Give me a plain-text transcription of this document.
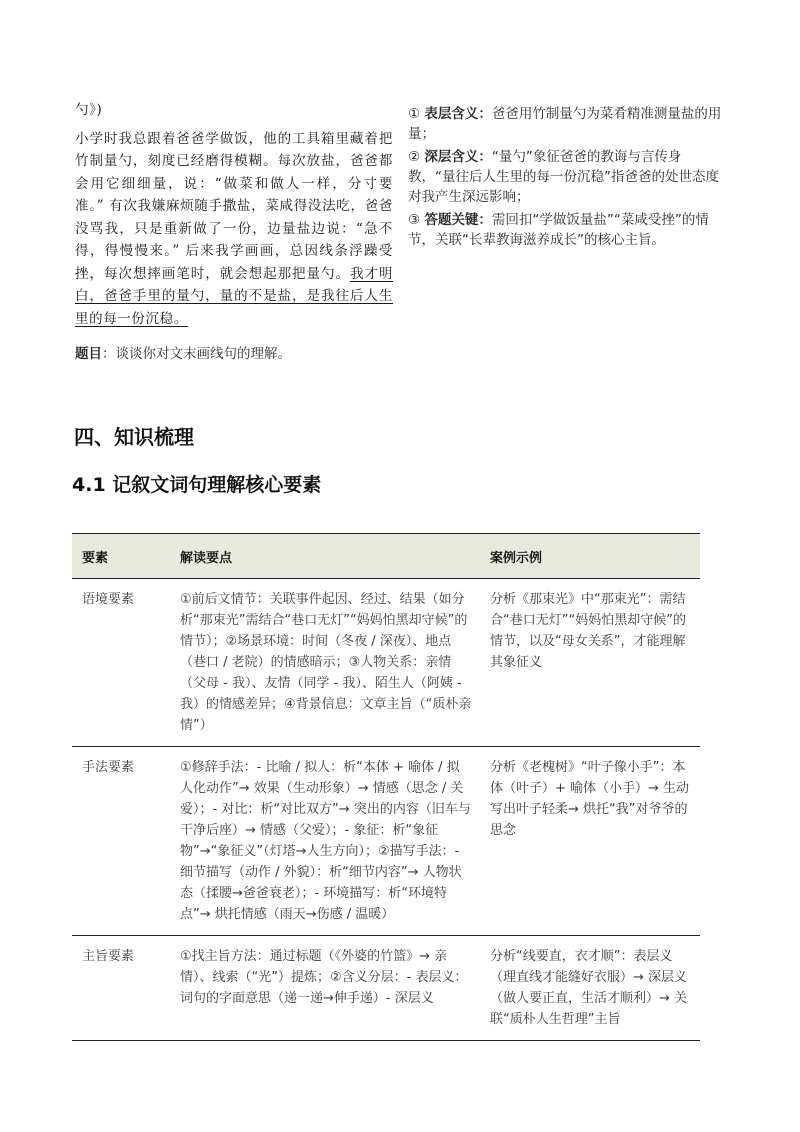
勺》)

小学时我总跟着爸爸学做饭，他的工具箱里藏着把竹制量勺，刻度已经磨得模糊。每次放盐，爸爸都会用它细细量，说：“做菜和做人一样，分寸要准。” 有次我嫌麻烦随手撒盐，菜咸得没法吃，爸爸没骂我，只是重新做了一份，边量盐边说：“急不得，得慢慢来。” 后来我学画画，总因线条浮躁受挫，每次想摔画笔时，就会想起那把量勺。我才明白，爸爸手里的量勺，量的不是盐，是我往后人生里的每一份沉稳。

题目：谈谈你对文末画线句的理解。

① 表层含义：爸爸用竹制量勺为菜肴精准测量盐的用量；

② 深层含义：“量勺”象征爸爸的教诲与言传身教，“量往后人生里的每一份沉稳”指爸爸的处世态度对我产生深远影响；

③ 答题关键：需回扣“学做饭量盐”“菜咸受挫”的情节，关联“长辈教诲滋养成长”的核心主旨。

四、知识梳理
4.1 记叙文词句理解核心要素
要素	解读要点	案例示例
语境要素	①前后文情节：关联事件起因、经过、结果（如分析“那束光”需结合“巷口无灯”“妈妈怕黑却守候”的情节）；②场景环境：时间（冬夜 / 深夜）、地点（巷口 / 老院）的情感暗示；③人物关系：亲情（父母 - 我）、友情（同学 - 我）、陌生人（阿姨 - 我）的情感差异；④背景信息：文章主旨（“质朴亲情”）	分析《那束光》中“那束光”：需结合“巷口无灯”“妈妈怕黑却守候”的情节，以及“母女关系”，才能理解其象征义
手法要素	①修辞手法：- 比喻 / 拟人：析“本体 + 喻体 / 拟人化动作”→ 效果（生动形象）→ 情感（思念 / 关爱）；- 对比：析“对比双方”→ 突出的内容（旧车与干净后座）→ 情感（父爱）；- 象征：析“象征物”→“象征义”（灯塔→人生方向）；②描写手法：- 细节描写（动作 / 外貌）：析“细节内容”→ 人物状态（揉腰→爸爸衰老）；- 环境描写：析“环境特点”→ 烘托情感（雨天→伤感 / 温暖）	分析《老槐树》“叶子像小手”：本体（叶子）+ 喻体（小手）→ 生动写出叶子轻柔→ 烘托“我”对爷爷的思念
主旨要素	①找主旨方法：通过标题（《外婆的竹篮》→ 亲情）、线索（“光”）提炼；②含义分层：- 表层义：词句的字面意思（递一递→伸手递）- 深层义	分析“线要直，衣才顺”：表层义（理直线才能缝好衣服）→ 深层义（做人要正直，生活才顺利）→ 关联“质朴人生哲理”主旨
